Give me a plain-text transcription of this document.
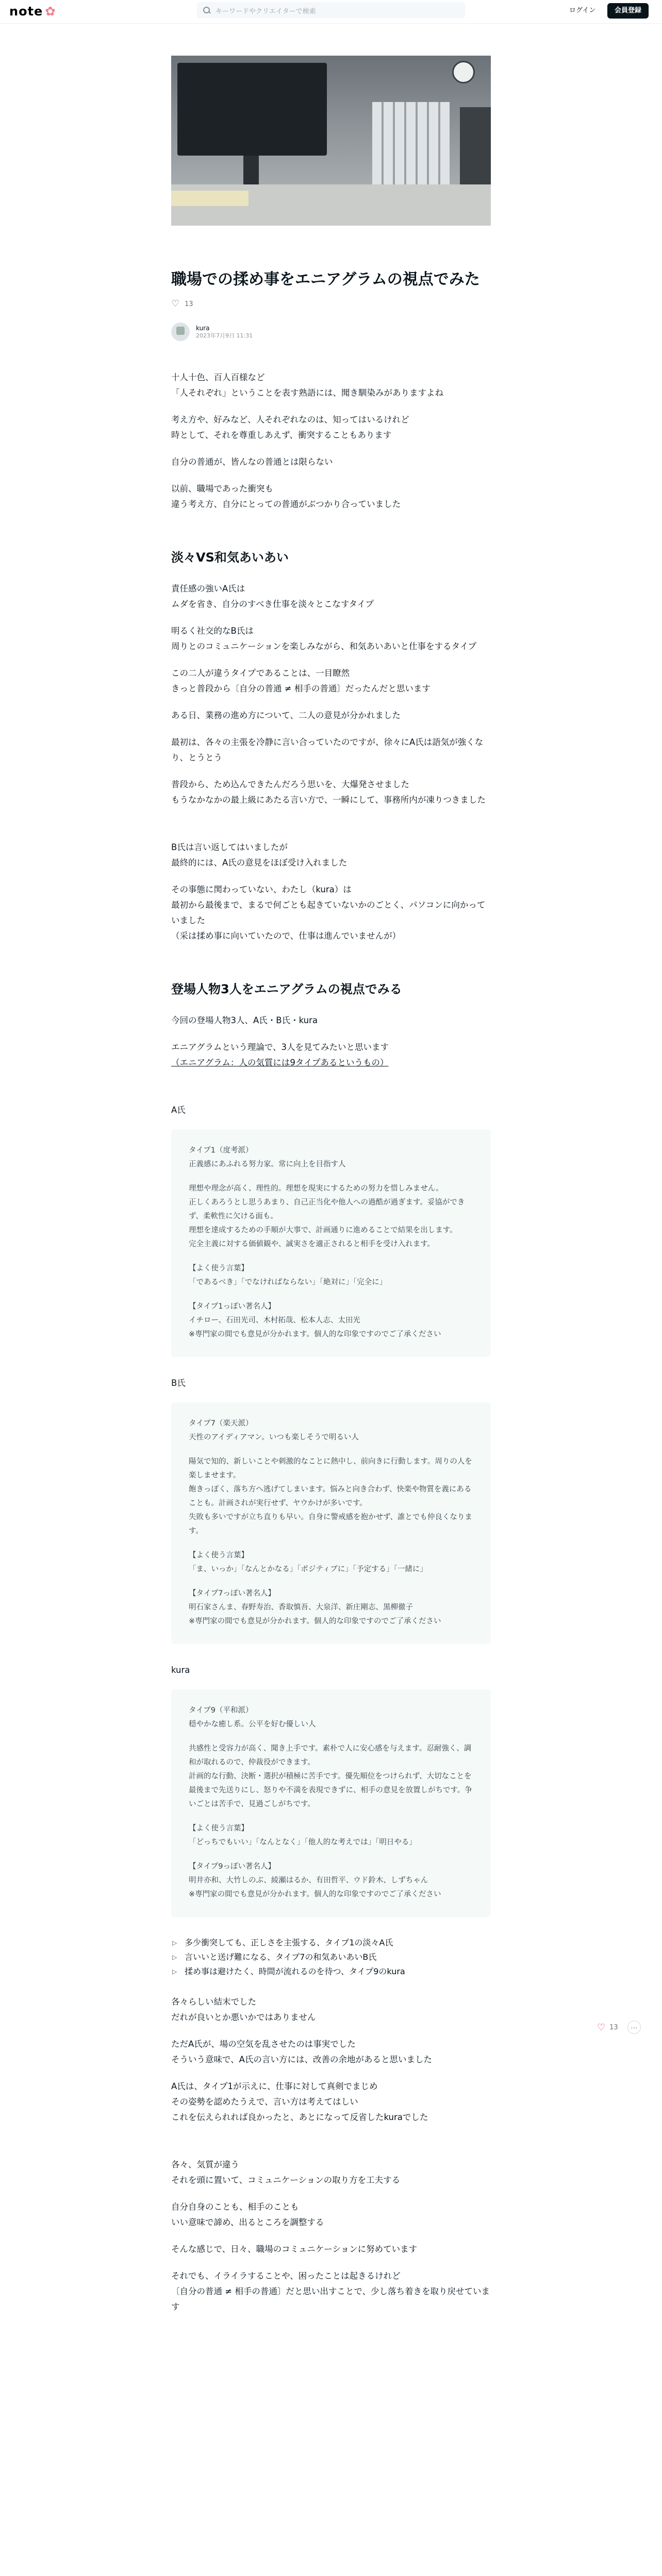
note ✿	キーワードやクリエイターで検索	ログイン	会員登録
職場での揉め事をエニアグラムの視点でみた
♡
13
kura
2023年7月9日 11:31

十人十色、百人百様など
「人それぞれ」ということを表す熟語には、聞き馴染みがありますよね

考え方や、好みなど、人それぞれなのは、知ってはいるけれど
時として、それを尊重しあえず、衝突することもあります

自分の普通が、皆んなの普通とは限らない

以前、職場であった衝突も
違う考え方、自分にとっての普通がぶつかり合っていました

淡々VS和気あいあい

責任感の強いA氏は
ムダを省き、自分のすべき仕事を淡々とこなすタイプ

明るく社交的なB氏は
周りとのコミュニケーションを楽しみながら、和気あいあいと仕事をするタイプ

この二人が違うタイプであることは、一目瞭然
きっと普段から〔自分の普通 ≠ 相手の普通〕だったんだと思います

ある日、業務の進め方について、二人の意見が分かれました

最初は、各々の主張を冷静に言い合っていたのですが、徐々にA氏は語気が強くなり、とうとう

普段から、ため込んできたんだろう思いを、大爆発させました
もうなかなかの最上級にあたる言い方で、一瞬にして、事務所内が凍りつきました

B氏は言い返してはいましたが
最終的には、A氏の意見をほぼ受け入れました

その事態に関わっていない、わたし（kura）は
最初から最後まで、まるで何ごとも起きていないかのごとく、パソコンに向かっていました
（采は揉め事に向いていたので、仕事は進んでいませんが）

登場人物3人をエニアグラムの視点でみる

今回の登場人物3人、A氏・B氏・kura

エニアグラムという理論で、3人を見てみたいと思います
（エニアグラム：人の気質には9タイプあるというもの）

A氏

タイプ1（度考派）
正義感にあふれる努力家。常に向上を目指す人

理想や理念が高く、理性的。理想を現実にするための努力を惜しみません。
正しくあろうとし思うあまり、自己正当化や他人への過酷が過ぎます。妥協ができず、柔軟性に欠ける面も。
理想を達成するための手順が大事で、計画通りに進めることで結果を出します。
完全主義に対する価値観や、誠実さを適正されると相手を受け入れます。

【よく使う言葉】
「であるべき」「でなければならない」「絶対に」「完全に」

【タイプ1っぽい著名人】
イチロー、石田光司、木村拓哉、松本人志、太田光
※専門家の間でも意見が分かれます。個人的な印象ですのでご了承ください

B氏

タイプ7（楽天派）
天性のアイディアマン。いつも楽しそうで明るい人

陽気で知的、新しいことや刺激的なことに熱中し、前向きに行動します。周りの人を楽しませます。
飽きっぽく、落ち方へ逃げてしまいます。悩みと向き合わず、快楽や物質を義にあることも。計画されが実行せず、ヤウかけが多いです。
失敗も多いですが立ち直りも早い。自身に警戒感を抱かせず、誰とでも仲良くなります。

【よく使う言葉】
「ま、いっか」「なんとかなる」「ポジティブに」「予定する」「一緒に」

【タイプ7っぽい著名人】
明石家さんま、春野寿治、香取慎吾、大泉洋、新庄剛志、黒柳徹子
※専門家の間でも意見が分かれます。個人的な印象ですのでご了承ください

kura

タイプ9（平和派）
穏やかな癒し系。公平を好む優しい人

共感性と受容力が高く、聞き上手です。素朴で人に安心感を与えます。忍耐強く、調和が取れるので、仲裁役ができます。
計画的な行動、決断・選択が積極に苦手です。優先順位をつけられず、大切なことを最後まで先送りにし、怒りや不満を表現できずに、相手の意見を放置しがちです。争いごとは苦手で、見過ごしがちです。

【よく使う言葉】
「どっちでもいい」「なんとなく」「他人的な考えでは」「明日やる」

【タイプ9っぽい著名人】
明井亦和、大竹しのぶ、綾瀬はるか、有田哲平、ウド鈴木、しずちゃん
※専門家の間でも意見が分かれます。個人的な印象ですのでご了承ください

▷ 多少衝突しても、正しさを主張する、タイプ1の淡々A氏
▷ 言いいと送げ難になる、タイプ7の和気あいあいB氏
▷ 揉め事は避けたく、時間が流れるのを待つ、タイプ9のkura

各々らしい結末でした
だれが良いとか悪いかではありません

ただA氏が、場の空気を乱させたのは事実でした
そういう意味で、A氏の言い方には、改善の余地があると思いました

A氏は、タイプ1が示えに、仕事に対して真剣でまじめ
その姿勢を認めたうえで、言い方は考えてはしい
これを伝えられれば良かったと、あとになって反省したkuraでした

各々、気質が違う
それを頭に置いて、コミュニケーションの取り方を工夫する

自分自身のことも、相手のことも
いい意味で諦め、出るところを調整する

そんな感じで、日々、職場のコミュニケーションに努めています

それでも、イライラすることや、困ったことは起きるけれど
〔自分の普通 ≠ 相手の普通〕だと思い出すことで、少し落ち着きを取り戻せています

♡ 13	…
